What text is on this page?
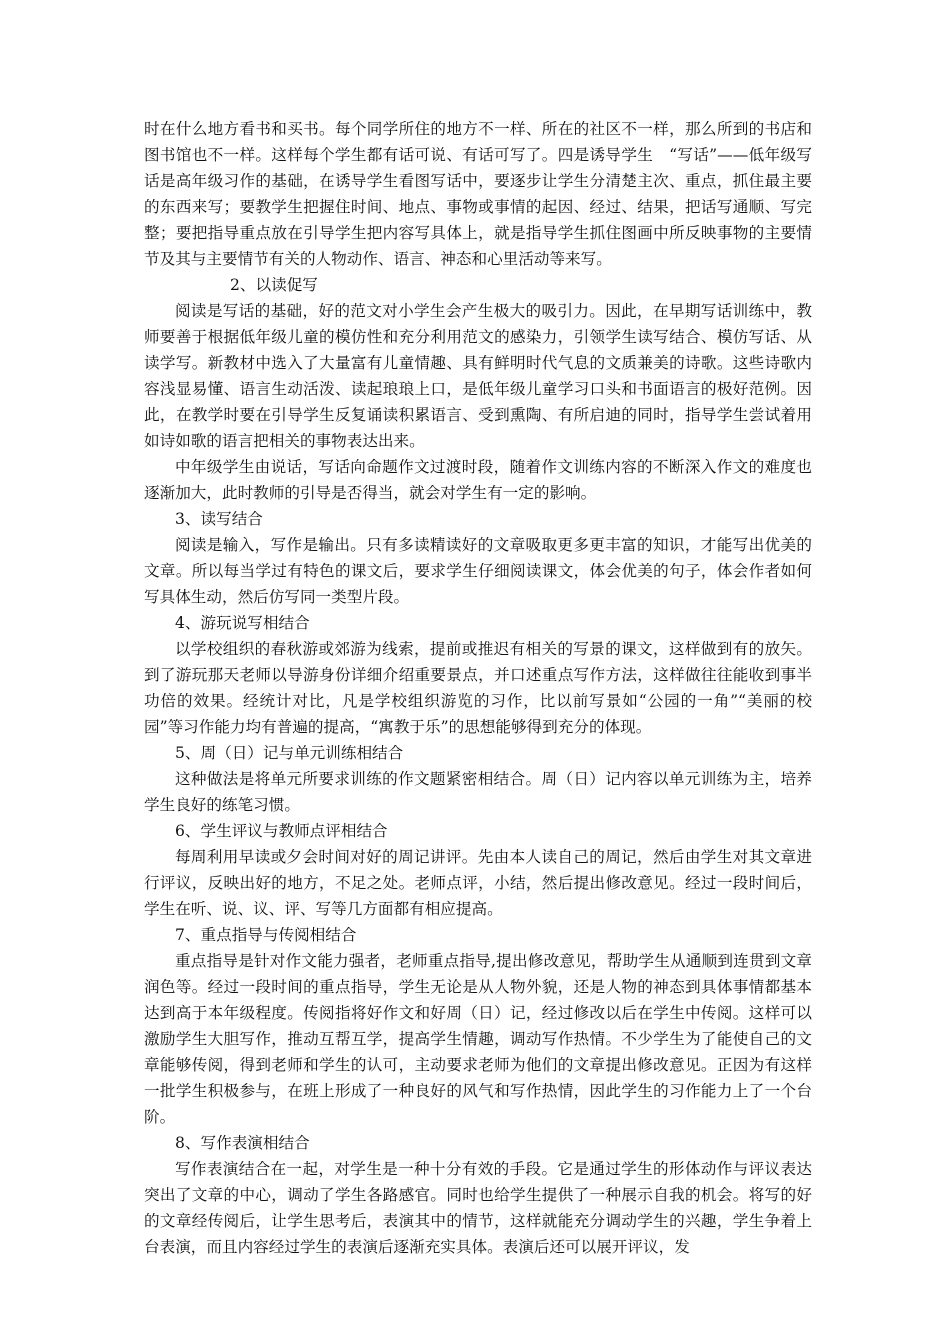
时在什么地方看书和买书。每个同学所住的地方不一样、所在的社区不一样，那么所到的书店和图书馆也不一样。这样每个学生都有话可说、有话可写了。四是诱导学生　“写话”——低年级写话是高年级习作的基础，在诱导学生看图写话中，要逐步让学生分清楚主次、重点，抓住最主要的东西来写；要教学生把握住时间、地点、事物或事情的起因、经过、结果，把话写通顺、写完整；要把指导重点放在引导学生把内容写具体上，就是指导学生抓住图画中所反映事物的主要情节及其与主要情节有关的人物动作、语言、神态和心里活动等来写。

2、以读促写

阅读是写话的基础，好的范文对小学生会产生极大的吸引力。因此，在早期写话训练中，教师要善于根据低年级儿童的模仿性和充分利用范文的感染力，引领学生读写结合、模仿写话、从读学写。新教材中选入了大量富有儿童情趣、具有鲜明时代气息的文质兼美的诗歌。这些诗歌内容浅显易懂、语言生动活泼、读起琅琅上口，是低年级儿童学习口头和书面语言的极好范例。因此，在教学时要在引导学生反复诵读积累语言、受到熏陶、有所启迪的同时，指导学生尝试着用如诗如歌的语言把相关的事物表达出来。

中年级学生由说话，写话向命题作文过渡时段，随着作文训练内容的不断深入作文的难度也逐渐加大，此时教师的引导是否得当，就会对学生有一定的影响。

3、读写结合

阅读是输入，写作是输出。只有多读精读好的文章吸取更多更丰富的知识，才能写出优美的文章。所以每当学过有特色的课文后，要求学生仔细阅读课文，体会优美的句子，体会作者如何写具体生动，然后仿写同一类型片段。

4、游玩说写相结合

以学校组织的春秋游或郊游为线索，提前或推迟有相关的写景的课文，这样做到有的放矢。到了游玩那天老师以导游身份详细介绍重要景点，并口述重点写作方法，这样做往往能收到事半功倍的效果。经统计对比，凡是学校组织游览的习作，比以前写景如“公园的一角”“美丽的校园”等习作能力均有普遍的提高，“寓教于乐”的思想能够得到充分的体现。

5、周（日）记与单元训练相结合

这种做法是将单元所要求训练的作文题紧密相结合。周（日）记内容以单元训练为主，培养学生良好的练笔习惯。

6、学生评议与教师点评相结合

每周利用早读或夕会时间对好的周记讲评。先由本人读自己的周记，然后由学生对其文章进行评议，反映出好的地方，不足之处。老师点评，小结，然后提出修改意见。经过一段时间后，学生在听、说、议、评、写等几方面都有相应提高。

7、重点指导与传阅相结合

重点指导是针对作文能力强者，老师重点指导,提出修改意见，帮助学生从通顺到连贯到文章润色等。经过一段时间的重点指导，学生无论是从人物外貌，还是人物的神态到具体事情都基本达到高于本年级程度。传阅指将好作文和好周（日）记，经过修改以后在学生中传阅。这样可以激励学生大胆写作，推动互帮互学，提高学生情趣，调动写作热情。不少学生为了能使自己的文章能够传阅，得到老师和学生的认可，主动要求老师为他们的文章提出修改意见。正因为有这样一批学生积极参与，在班上形成了一种良好的风气和写作热情，因此学生的习作能力上了一个台阶。

8、写作表演相结合

写作表演结合在一起，对学生是一种十分有效的手段。它是通过学生的形体动作与评议表达突出了文章的中心，调动了学生各路感官。同时也给学生提供了一种展示自我的机会。将写的好的文章经传阅后，让学生思考后，表演其中的情节，这样就能充分调动学生的兴趣，学生争着上台表演，而且内容经过学生的表演后逐渐充实具体。表演后还可以展开评议，发
